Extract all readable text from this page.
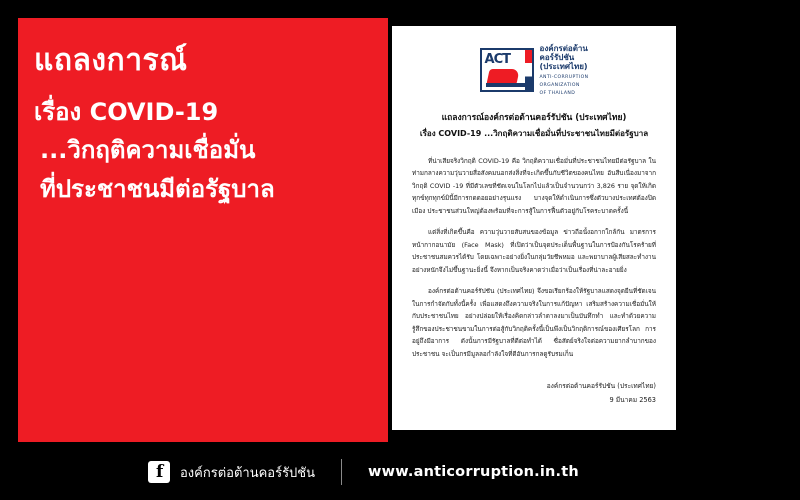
แถลงการณ์
เรื่อง COVID-19
...วิกฤติความเชื่อมั่น
ที่ประชาชนมีต่อรัฐบาล
ACT
องค์กรต่อต้าน
คอร์รัปชัน
(ประเทศไทย)
ANTI-CORRUPTION
ORGANIZATION
OF THAILAND
แถลงการณ์องค์กรต่อต้านคอร์รัปชัน (ประเทศไทย)
เรื่อง COVID-19 ...วิกฤติความเชื่อมั่นที่ประชาชนไทยมีต่อรัฐบาล

ที่น่าเสียจริงวิกฤติ COVID-19 คือ วิกฤติความเชื่อมั่นที่ประชาชนไทยมีต่อรัฐบาล ในท่ามกลางความวุ่นวายสื่อสังคมนอกส่งสิ่งที่จะเกิดขึ้นกับชีวิตของคนไทย อันสืบเนื่องมาจากวิกฤติ COVID -19 ที่มีตัวเลขที่ชัดเจนในโลกไปแล้วเป็นจำนวนกว่า 3,826 ราย จุดให้เกิดทุกข์ทุกทุกข์มินี้มีการกดดอยอย่างรุนแรง บางจุดให้ดำเนินการซึ่งตัวบางประเทศต้องปิดเมือง ประชาชนส่วนใหญ่ต้องพร้อมที่จะการสู้ในการฟื้นตัวอยู่กับโรคระบาดครั้งนี้

แต่สิ่งที่เกิดขึ้นคือ ความวุ่นวายสับสนของข้อมูล ข่าวถือนั้งอกากใกล้กัน มาตรการหน้ากากอนามัย (Face Mask) ที่เปิดว่าเป็นจุดประเด็นพื้นฐานในการป้องกันโรคร้ายที่ประชาชนสมควรได้รับ โดยเฉพาะอย่างยิ่งในกลุ่มวัยชีพหมอ และพยาบาลผู้เสียสละทำงานอย่างหนักจึงไม่ขึ้นฐานะยิ่งนี้ จึงหากเป็นจริงคาดว่าเมื่อว่าเป็นเรื่องที่น่าละอายยิ่ง

องค์กรต่อต้านคอร์รัปชัน (ประเทศไทย) จึงขอเรียกร้องให้รัฐบาลแสดงจุดยืนที่ชัดเจนในการกำจัดกับทั้งนี้ครั้ง เพื่อแสดงถึงความจริงในการแก้ปัญหา เสริมสร้างความเชื่อมั่นให้กับประชาชนไทย อย่างปล่อยให้เรื่องคิดกล่าวลำดาลงมาเป็นบันทึกทำ และทำด้วยความรู้สึกของประชาชนขามในการต่อสู้กับวิกฤติครั้งนี้เป็นพึงเป็นวิกฤติการณ์ของเศียรโลก การอยู่ถึงมีอาการ ดังนั้นการมีรัฐบาลที่ดีต่อทำได้ ซื่อสัตย์จริงใจต่อความยากลำบากของประชาชน จะเป็นกรมีมูลลอกำลังใจที่ดีอันการกลดูรับรมเก็น

องค์กรต่อต้านคอร์รัปชัน (ประเทศไทย)
9 มีนาคม 2563
f
องค์กรต่อต้านคอร์รัปชัน	www.anticorruption.in.th
